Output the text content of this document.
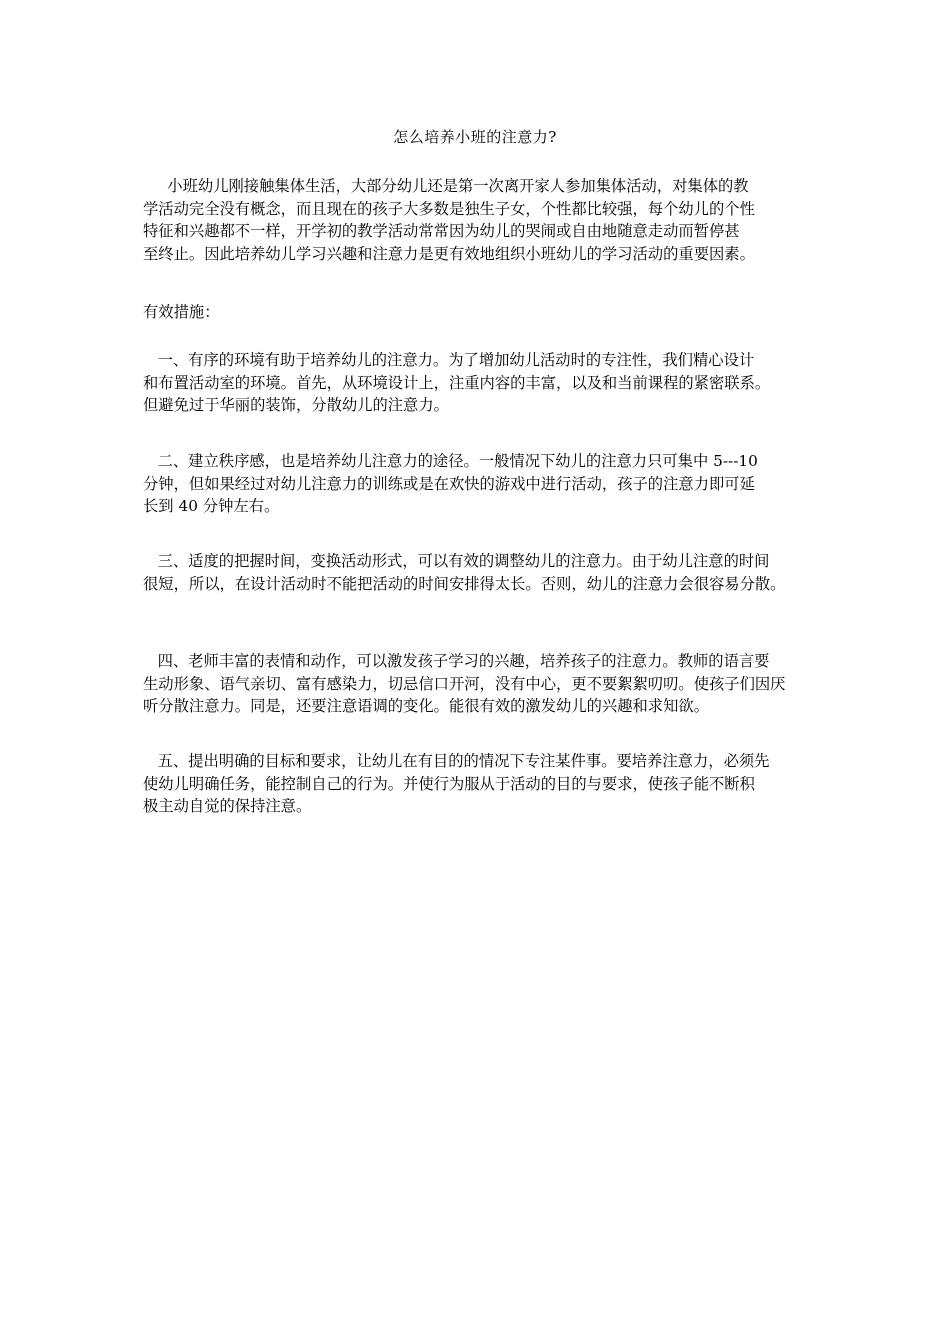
怎么培养小班的注意力?
小班幼儿刚接触集体生活，大部分幼儿还是第一次离开家人参加集体活动，对集体的教
学活动完全没有概念，而且现在的孩子大多数是独生子女，个性都比较强，每个幼儿的个性
特征和兴趣都不一样，开学初的教学活动常常因为幼儿的哭闹或自由地随意走动而暂停甚
至终止。因此培养幼儿学习兴趣和注意力是更有效地组织小班幼儿的学习活动的重要因素。
有效措施：
一、有序的环境有助于培养幼儿的注意力。为了增加幼儿活动时的专注性，我们精心设计
和布置活动室的环境。首先，从环境设计上，注重内容的丰富，以及和当前课程的紧密联系。
但避免过于华丽的装饰，分散幼儿的注意力。
二、建立秩序感，也是培养幼儿注意力的途径。一般情况下幼儿的注意力只可集中 5---10
分钟，但如果经过对幼儿注意力的训练或是在欢快的游戏中进行活动，孩子的注意力即可延
长到 40 分钟左右。
三、适度的把握时间，变换活动形式，可以有效的调整幼儿的注意力。由于幼儿注意的时间
很短，所以，在设计活动时不能把活动的时间安排得太长。否则，幼儿的注意力会很容易分散。
四、老师丰富的表情和动作，可以激发孩子学习的兴趣，培养孩子的注意力。教师的语言要
生动形象、语气亲切、富有感染力，切忌信口开河，没有中心，更不要絮絮叨叨。使孩子们因厌
听分散注意力。同是，还要注意语调的变化。能很有效的激发幼儿的兴趣和求知欲。
五、提出明确的目标和要求，让幼儿在有目的的情况下专注某件事。要培养注意力，必须先
使幼儿明确任务，能控制自己的行为。并使行为服从于活动的目的与要求，使孩子能不断积
极主动自觉的保持注意。
